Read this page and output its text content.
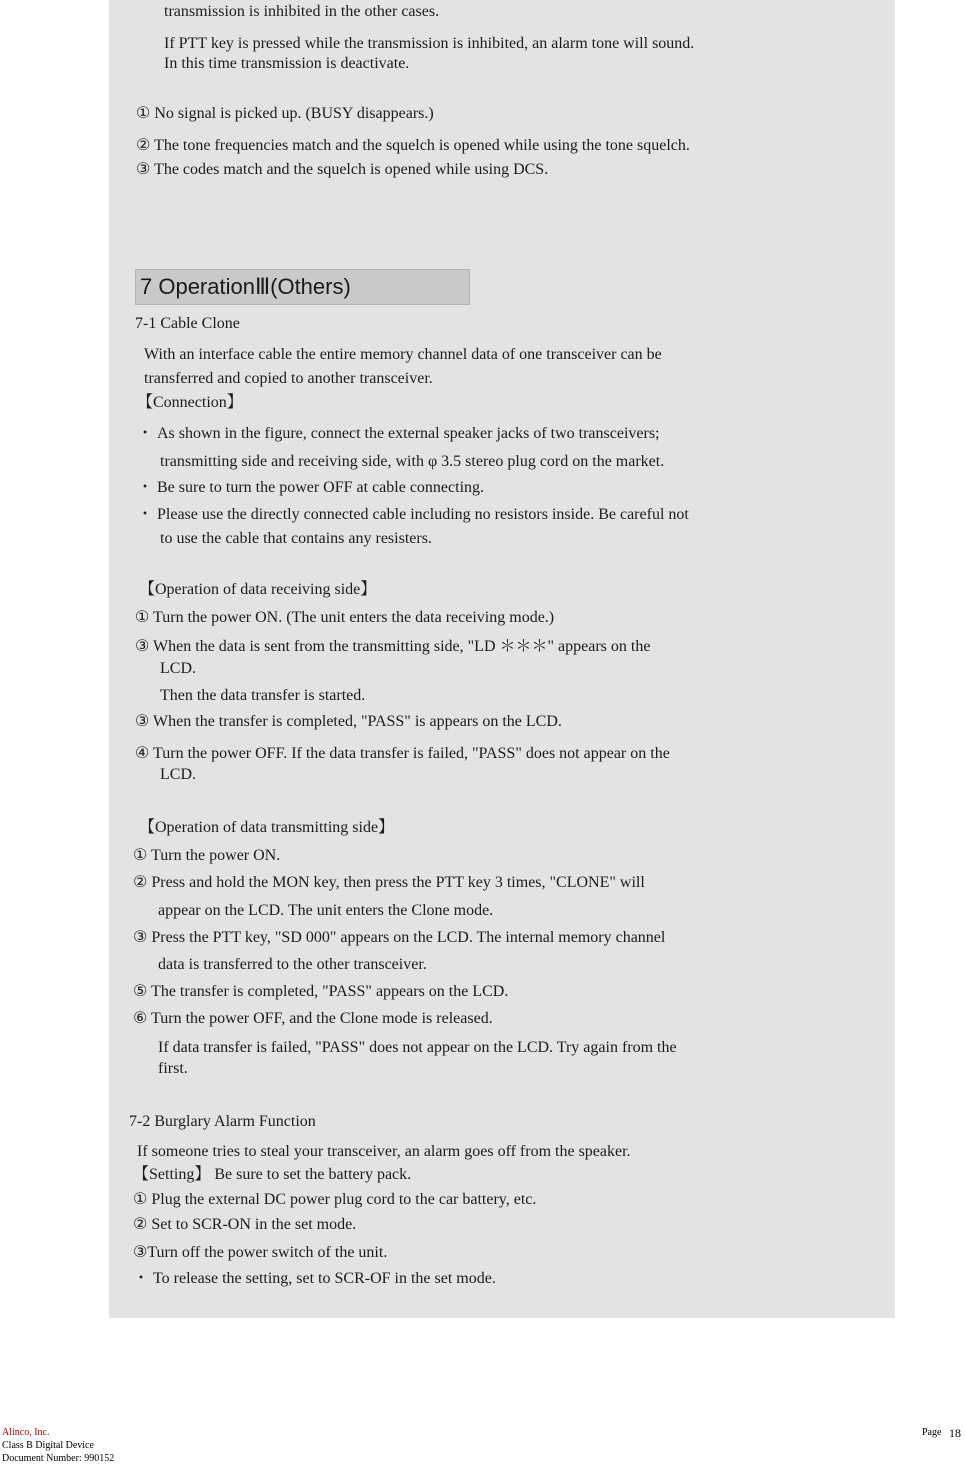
transmission is inhibited in the other cases.
If PTT key is pressed while the transmission is inhibited, an alarm tone will sound.
In this time transmission is deactivate.
① No signal is picked up. (BUSY disappears.)
② The tone frequencies match and the squelch is opened while using the tone squelch.
③ The codes match and the squelch is opened while using DCS.
7 OperationⅢ(Others)
7-1 Cable Clone
With an interface cable the entire memory channel data of one transceiver can be
transferred and copied to another transceiver.
【Connection】
・ As shown in the figure, connect the external speaker jacks of two transceivers;
transmitting side and receiving side, with φ 3.5 stereo plug cord on the market.
・ Be sure to turn the power OFF at cable connecting.
・ Please use the directly connected cable including no resistors inside. Be careful not
to use the cable that contains any resisters.
【Operation of data receiving side】
① Turn the power ON. (The unit enters the data receiving mode.)
③ When the data is sent from the transmitting side, "LD ＊＊＊" appears on the
LCD.
Then the data transfer is started.
③ When the transfer is completed, "PASS" is appears on the LCD.
④ Turn the power OFF. If the data transfer is failed, "PASS" does not appear on the
LCD.
【Operation of data transmitting side】
① Turn the power ON.
② Press and hold the MON key, then press the PTT key 3 times, "CLONE" will
appear on the LCD. The unit enters the Clone mode.
③ Press the PTT key, "SD 000" appears on the LCD. The internal memory channel
data is transferred to the other transceiver.
⑤ The transfer is completed, "PASS" appears on the LCD.
⑥ Turn the power OFF, and the Clone mode is released.
If data transfer is failed, "PASS" does not appear on the LCD. Try again from the
first.
7-2 Burglary Alarm Function
If someone tries to steal your transceiver, an alarm goes off from the speaker.
【Setting】 Be sure to set the battery pack.
① Plug the external DC power plug cord to the car battery, etc.
② Set to SCR-ON in the set mode.
③Turn off the power switch of the unit.
・ To release the setting, set to SCR-OF in the set mode.
Alinco, Inc.
Class B Digital Device
Document Number: 990152
Page 18
